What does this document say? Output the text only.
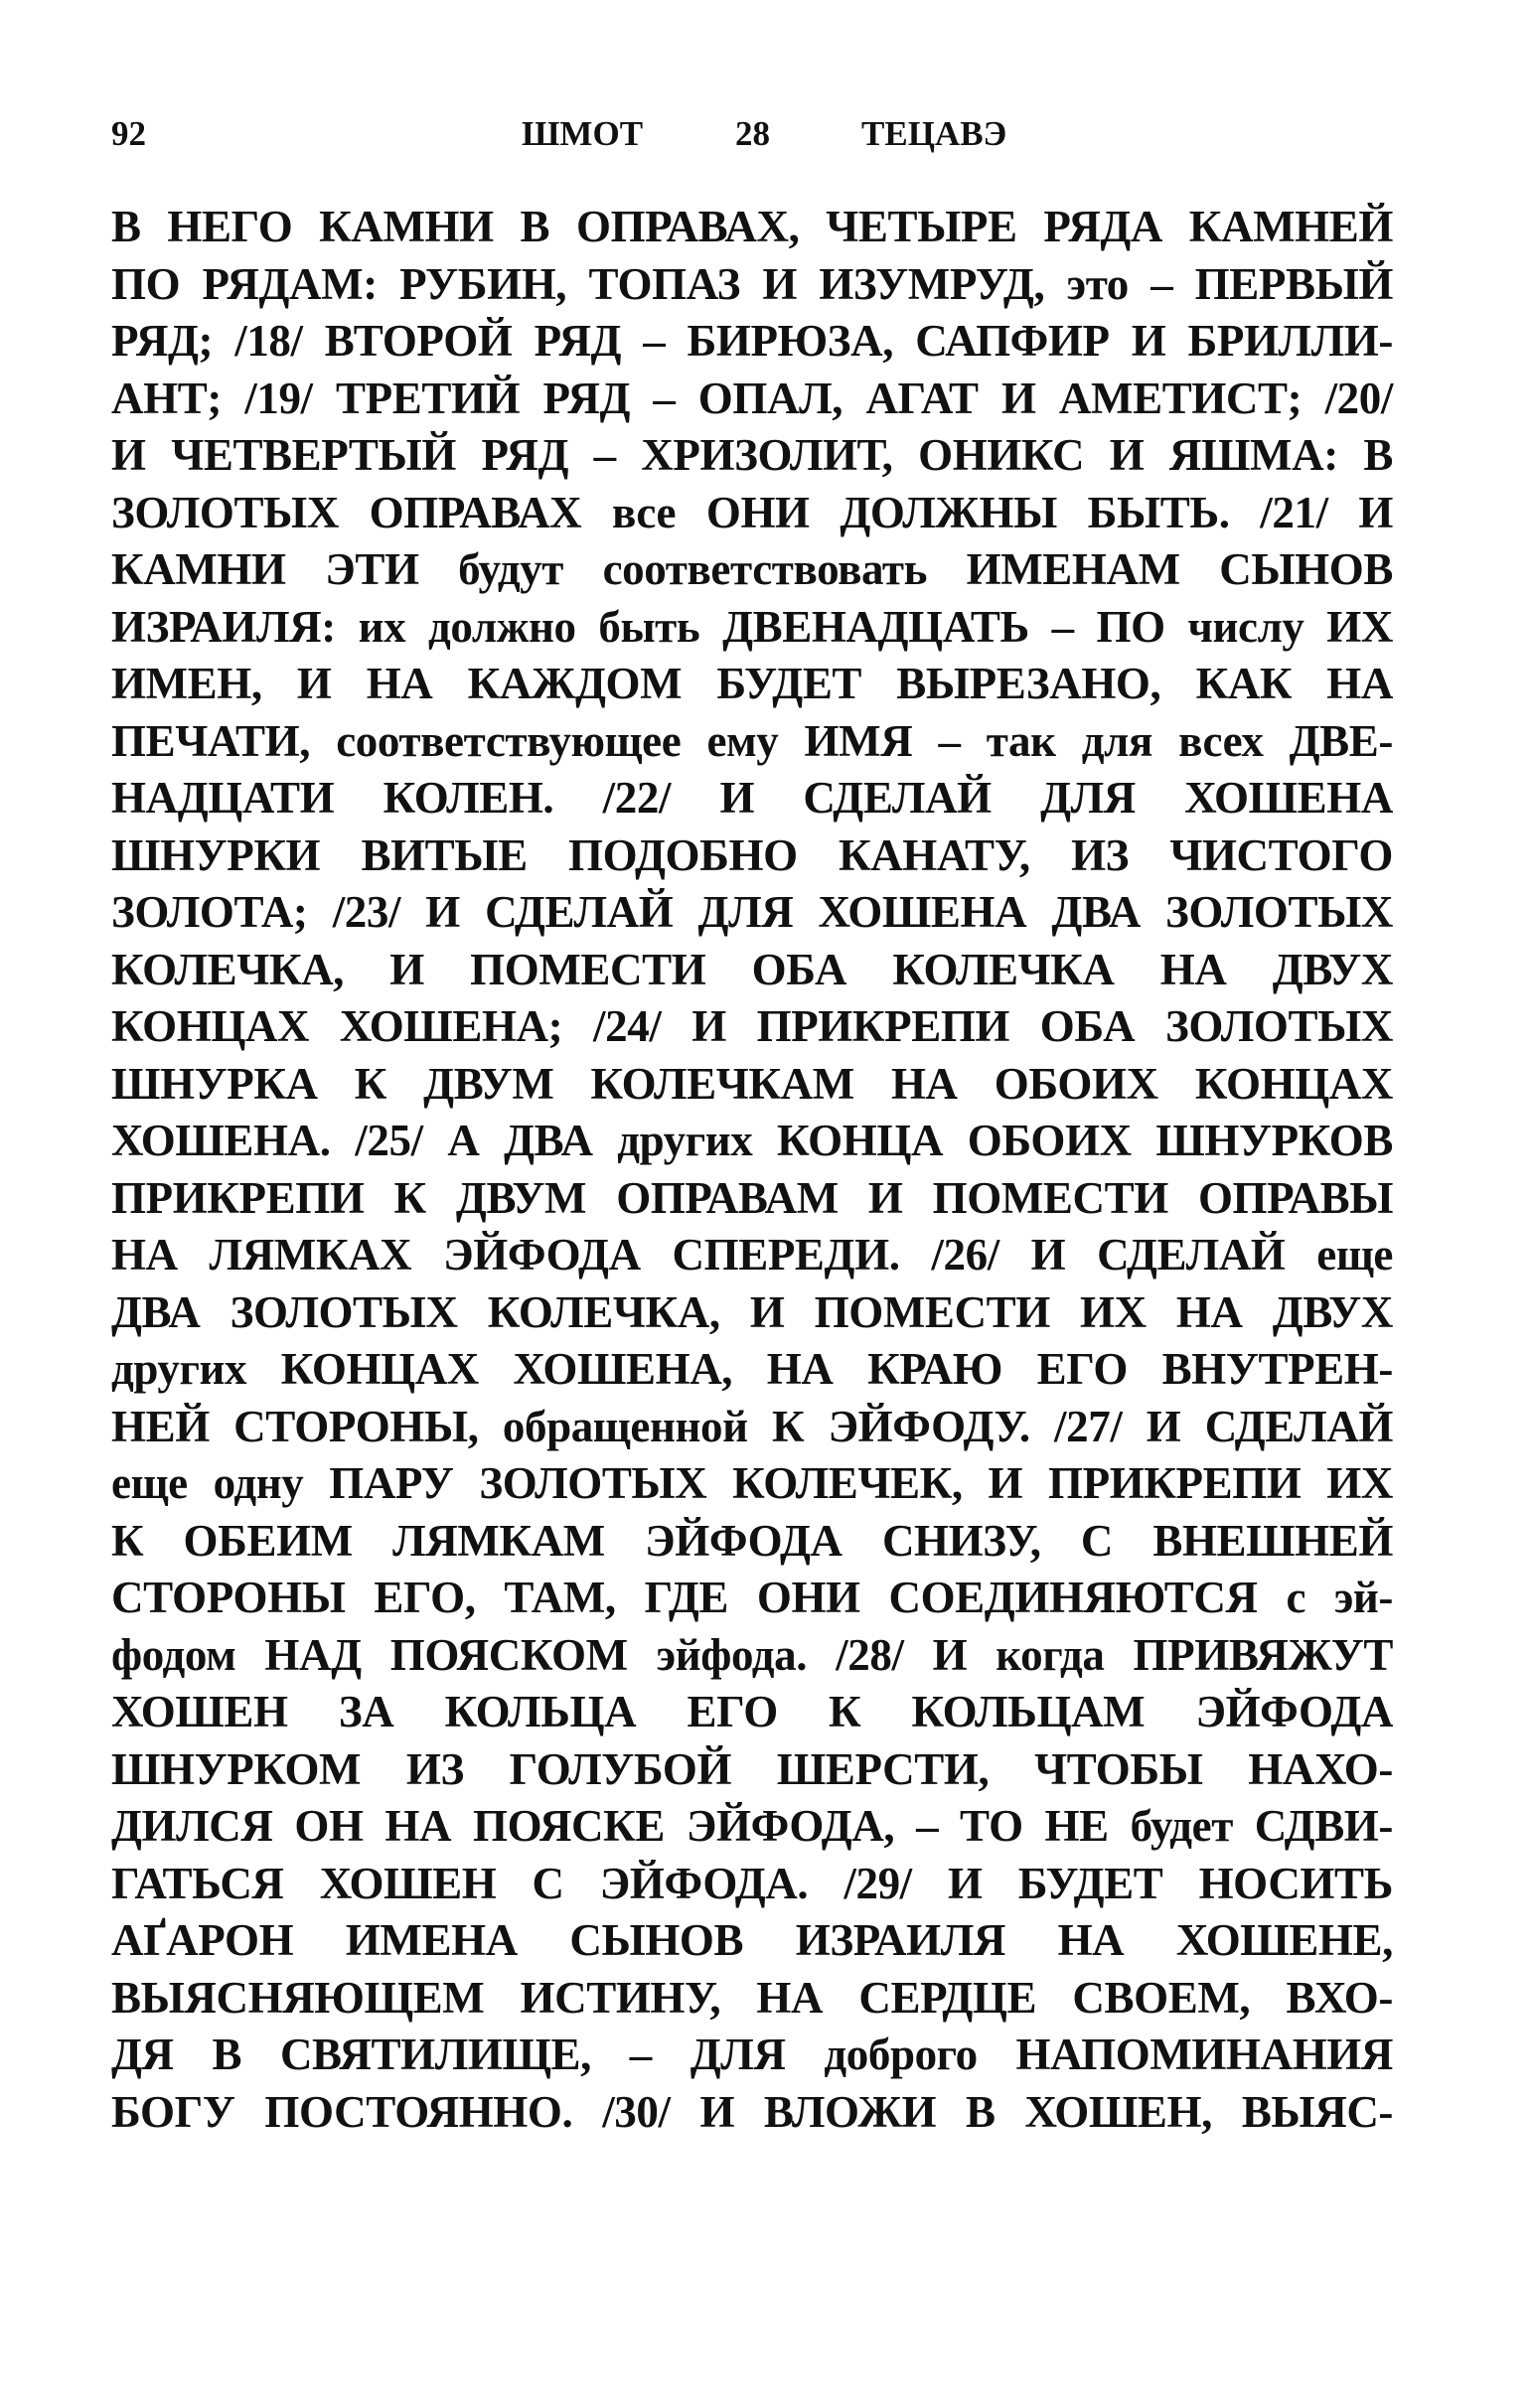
92	ШМОТ	28	ТЕЦАВЭ
В НЕГО КАМНИ В ОПРАВАХ, ЧЕТЫРЕ РЯДА КАМНЕЙ
ПО РЯДАМ: РУБИН, ТОПАЗ И ИЗУМРУД, это – ПЕРВЫЙ
РЯД; /18/ ВТОРОЙ РЯД – БИРЮЗА, САПФИР И БРИЛЛИ-
АНТ; /19/ ТРЕТИЙ РЯД – ОПАЛ, АГАТ И АМЕТИСТ; /20/
И ЧЕТВЕРТЫЙ РЯД – ХРИЗОЛИТ, ОНИКС И ЯШМА: В
ЗОЛОТЫХ ОПРАВАХ все ОНИ ДОЛЖНЫ БЫТЬ. /21/ И
КАМНИ ЭТИ будут соответствовать ИМЕНАМ СЫНОВ
ИЗРАИЛЯ: их должно быть ДВЕНАДЦАТЬ – ПО числу ИХ
ИМЕН, И НА КАЖДОМ БУДЕТ ВЫРЕЗАНО, КАК НА
ПЕЧАТИ, соответствующее ему ИМЯ – так для всех ДВЕ-
НАДЦАТИ КОЛЕН. /22/ И СДЕЛАЙ ДЛЯ ХОШЕНА
ШНУРКИ ВИТЫЕ ПОДОБНО КАНАТУ, ИЗ ЧИСТОГО
ЗОЛОТА; /23/ И СДЕЛАЙ ДЛЯ ХОШЕНА ДВА ЗОЛОТЫХ
КОЛЕЧКА, И ПОМЕСТИ ОБА КОЛЕЧКА НА ДВУХ
КОНЦАХ ХОШЕНА; /24/ И ПРИКРЕПИ ОБА ЗОЛОТЫХ
ШНУРКА К ДВУМ КОЛЕЧКАМ НА ОБОИХ КОНЦАХ
ХОШЕНА. /25/ А ДВА других КОНЦА ОБОИХ ШНУРКОВ
ПРИКРЕПИ К ДВУМ ОПРАВАМ И ПОМЕСТИ ОПРАВЫ
НА ЛЯМКАХ ЭЙФОДА СПЕРЕДИ. /26/ И СДЕЛАЙ еще
ДВА ЗОЛОТЫХ КОЛЕЧКА, И ПОМЕСТИ ИХ НА ДВУХ
других КОНЦАХ ХОШЕНА, НА КРАЮ ЕГО ВНУТРЕН-
НЕЙ СТОРОНЫ, обращенной К ЭЙФОДУ. /27/ И СДЕЛАЙ
еще одну ПАРУ ЗОЛОТЫХ КОЛЕЧЕК, И ПРИКРЕПИ ИХ
К ОБЕИМ ЛЯМКАМ ЭЙФОДА СНИЗУ, С ВНЕШНЕЙ
СТОРОНЫ ЕГО, ТАМ, ГДЕ ОНИ СОЕДИНЯЮТСЯ с эй-
фодом НАД ПОЯСКОМ эйфода. /28/ И когда ПРИВЯЖУТ
ХОШЕН ЗА КОЛЬЦА ЕГО К КОЛЬЦАМ ЭЙФОДА
ШНУРКОМ ИЗ ГОЛУБОЙ ШЕРСТИ, ЧТОБЫ НАХО-
ДИЛСЯ ОН НА ПОЯСКЕ ЭЙФОДА, – ТО НЕ будет СДВИ-
ГАТЬСЯ ХОШЕН С ЭЙФОДА. /29/ И БУДЕТ НОСИТЬ
АҐАРОН ИМЕНА СЫНОВ ИЗРАИЛЯ НА ХОШЕНЕ,
ВЫЯСНЯЮЩЕМ ИСТИНУ, НА СЕРДЦЕ СВОЕМ, ВХО-
ДЯ В СВЯТИЛИЩЕ, – ДЛЯ доброго НАПОМИНАНИЯ
БОГУ ПОСТОЯННО. /30/ И ВЛОЖИ В ХОШЕН, ВЫЯС-
